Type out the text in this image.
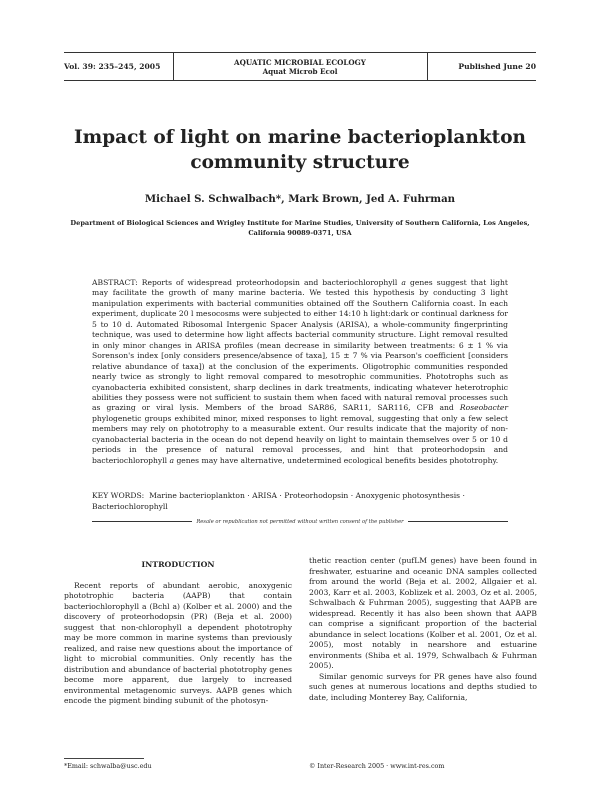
Vol. 39: 235–245, 2005	AQUATIC MICROBIAL ECOLOGY
Aquat Microb Ecol
Published June 20
Impact of light on marine bacterioplankton
community structure
Michael S. Schwalbach*, Mark Brown, Jed A. Fuhrman
Department of Biological Sciences and Wrigley Institute for Marine Studies, University of Southern California, Los Angeles,
California 90089-0371, USA
ABSTRACT: Reports of widespread proteorhodopsin and bacteriochlorophyll a genes suggest that light may facilitate the growth of many marine bacteria. We tested this hypothesis by conducting 3 light manipulation experiments with bacterial communities obtained off the Southern California coast. In each experiment, duplicate 20 l mesocosms were subjected to either 14:10 h light:dark or continual darkness for 5 to 10 d. Automated Ribosomal Intergenic Spacer Analysis (ARISA), a whole-community fingerprinting technique, was used to determine how light affects bacterial community structure. Light removal resulted in only minor changes in ARISA profiles (mean decrease in similarity between treatments: 6 ± 1 % via Sorenson's index [only considers presence/absence of taxa], 15 ± 7 % via Pearson's coefficient [considers relative abundance of taxa]) at the conclusion of the experiments. Oligotrophic communities responded nearly twice as strongly to light removal compared to mesotrophic communities. Phototrophs such as cyanobacteria exhibited consistent, sharp declines in dark treatments, indicating whatever heterotrophic abilities they possess were not sufficient to sustain them when faced with natural removal processes such as grazing or viral lysis. Members of the broad SAR86, SAR11, SAR116, CFB and Roseobacter phylogenetic groups exhibited minor, mixed responses to light removal, suggesting that only a few select members may rely on phototrophy to a measurable extent. Our results indicate that the majority of non-cyanobacterial bacteria in the ocean do not depend heavily on light to maintain themselves over 5 or 10 d periods in the presence of natural removal processes, and hint that proteorhodopsin and bacteriochlorophyll a genes may have alternative, undetermined ecological benefits besides phototrophy.
KEY WORDS: Marine bacterioplankton · ARISA · Proteorhodopsin · Anoxygenic photosynthesis · Bacteriochlorophyll
Resale or republication not permitted without written consent of the publisher
INTRODUCTION

Recent reports of abundant aerobic, anoxygenic phototrophic bacteria (AAPB) that contain bacteriochlorophyll a (Bchl a) (Kolber et al. 2000) and the discovery of proteorhodopsin (PR) (Beja et al. 2000) suggest that non-chlorophyll a dependent phototrophy may be more common in marine systems than previously realized, and raise new questions about the importance of light to microbial communities. Only recently has the distribution and abundance of bacterial phototrophy genes become more apparent, due largely to increased environmental metagenomic surveys. AAPB genes which encode the pigment binding subunit of the photosyn-

thetic reaction center (pufLM genes) have been found in freshwater, estuarine and oceanic DNA samples collected from around the world (Beja et al. 2002, Allgaier et al. 2003, Karr et al. 2003, Koblizek et al. 2003, Oz et al. 2005, Schwalbach & Fuhrman 2005), suggesting that AAPB are widespread. Recently it has also been shown that AAPB can comprise a significant proportion of the bacterial abundance in select locations (Kolber et al. 2001, Oz et al. 2005), most notably in nearshore and estuarine environments (Shiba et al. 1979, Schwalbach & Fuhrman 2005).

Similar genomic surveys for PR genes have also found such genes at numerous locations and depths studied to date, including Monterey Bay, California,

*Email: schwalba@usc.edu	© Inter-Research 2005 · www.int-res.com
